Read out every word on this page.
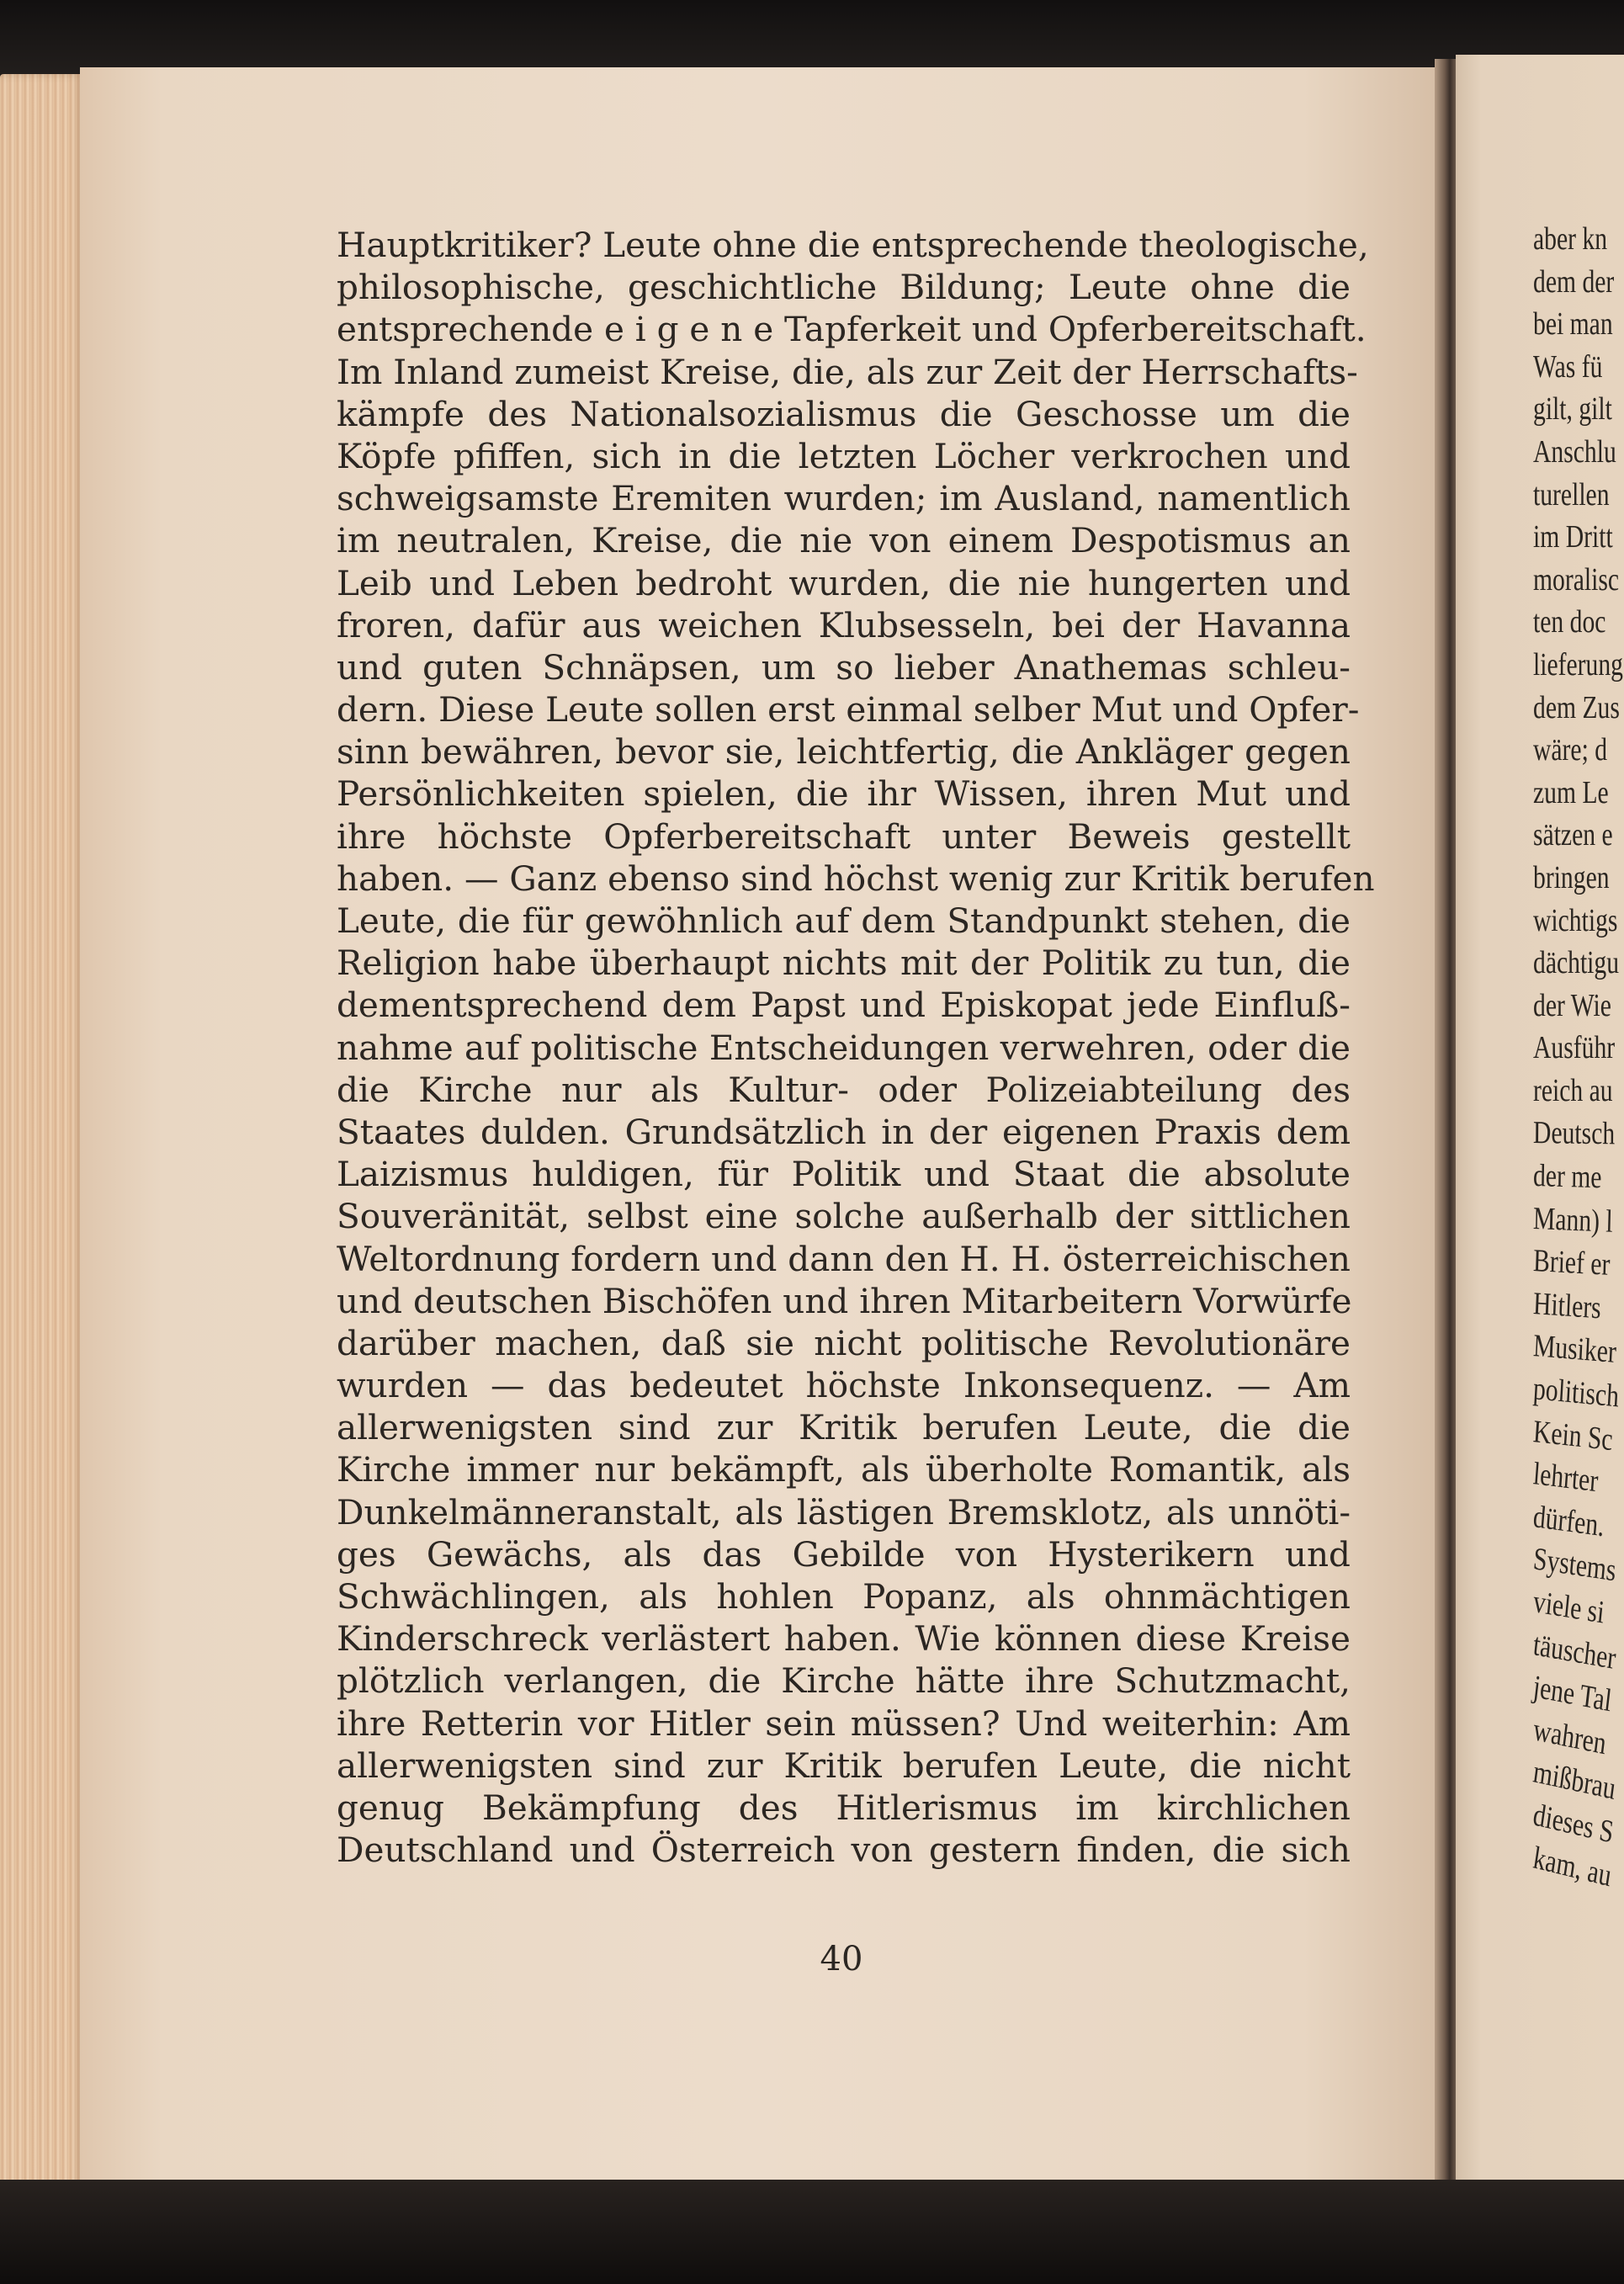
Hauptkritiker? Leute ohne die entsprechende theologische,
philosophische, geschichtliche Bildung; Leute ohne die
entsprechende e i g e n e Tapferkeit und Opferbereitschaft.
Im Inland zumeist Kreise, die, als zur Zeit der Herrschafts-
kämpfe des Nationalsozialismus die Geschosse um die
Köpfe pfiffen, sich in die letzten Löcher verkrochen und
schweigsamste Eremiten wurden; im Ausland, namentlich
im neutralen, Kreise, die nie von einem Despotismus an
Leib und Leben bedroht wurden, die nie hungerten und
froren, dafür aus weichen Klubsesseln, bei der Havanna
und guten Schnäpsen, um so lieber Anathemas schleu-
dern. Diese Leute sollen erst einmal selber Mut und Opfer-
sinn bewähren, bevor sie, leichtfertig, die Ankläger gegen
Persönlichkeiten spielen, die ihr Wissen, ihren Mut und
ihre höchste Opferbereitschaft unter Beweis gestellt
haben. — Ganz ebenso sind höchst wenig zur Kritik berufen
Leute, die für gewöhnlich auf dem Standpunkt stehen, die
Religion habe überhaupt nichts mit der Politik zu tun, die
dementsprechend dem Papst und Episkopat jede Einfluß-
nahme auf politische Entscheidungen verwehren, oder die
die Kirche nur als Kultur- oder Polizeiabteilung des
Staates dulden. Grundsätzlich in der eigenen Praxis dem
Laizismus huldigen, für Politik und Staat die absolute
Souveränität, selbst eine solche außerhalb der sittlichen
Weltordnung fordern und dann den H. H. österreichischen
und deutschen Bischöfen und ihren Mitarbeitern Vorwürfe
darüber machen, daß sie nicht politische Revolutionäre
wurden — das bedeutet höchste Inkonsequenz. — Am
allerwenigsten sind zur Kritik berufen Leute, die die
Kirche immer nur bekämpft, als überholte Romantik, als
Dunkelmänneranstalt, als lästigen Bremsklotz, als unnöti-
ges Gewächs, als das Gebilde von Hysterikern und
Schwächlingen, als hohlen Popanz, als ohnmächtigen
Kinderschreck verlästert haben. Wie können diese Kreise
plötzlich verlangen, die Kirche hätte ihre Schutzmacht,
ihre Retterin vor Hitler sein müssen? Und weiterhin: Am
allerwenigsten sind zur Kritik berufen Leute, die nicht
genug Bekämpfung des Hitlerismus im kirchlichen
Deutschland und Österreich von gestern finden, die sich
40
aber kn
dem der
bei man
Was fü
gilt, gilt
Anschlu
turellen
im Dritt
moralisc
ten doc
lieferung
dem Zus
wäre; d
zum Le
sätzen e
bringen
wichtigs
dächtigu
der Wie
Ausführ
reich au
Deutsch
der me
Mann) l
Brief er
Hitlers
Musiker
politisch
Kein Sc
lehrter
dürfen.
Systems
viele si
täuscher
jene Tal
wahren
mißbrau
dieses S
kam, au
